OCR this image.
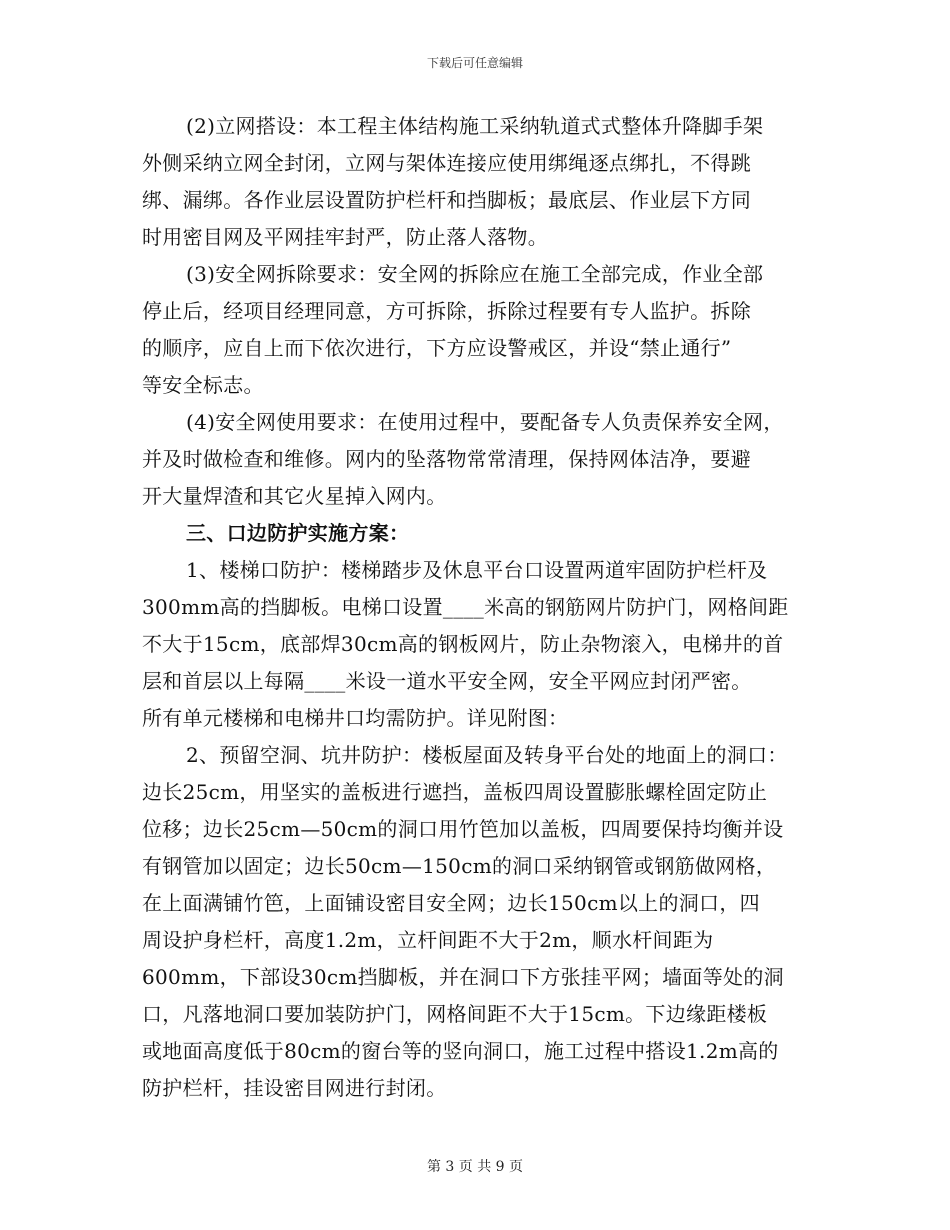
下载后可任意编辑
(2)立网搭设：本工程主体结构施工采纳轨道式式整体升降脚手架
外侧采纳立网全封闭，立网与架体连接应使用绑绳逐点绑扎，不得跳
绑、漏绑。各作业层设置防护栏杆和挡脚板；最底层、作业层下方同
时用密目网及平网挂牢封严，防止落人落物。
(3)安全网拆除要求：安全网的拆除应在施工全部完成，作业全部
停止后，经项目经理同意，方可拆除，拆除过程要有专人监护。拆除
的顺序，应自上而下依次进行，下方应设警戒区，并设“禁止通行”
等安全标志。
(4)安全网使用要求：在使用过程中，要配备专人负责保养安全网，
并及时做检查和维修。网内的坠落物常常清理，保持网体洁净，要避
开大量焊渣和其它火星掉入网内。
三、口边防护实施方案：
1、楼梯口防护：楼梯踏步及休息平台口设置两道牢固防护栏杆及
300mm高的挡脚板。电梯口设置____米高的钢筋网片防护门，网格间距
不大于15cm，底部焊30cm高的钢板网片，防止杂物滚入，电梯井的首
层和首层以上每隔____米设一道水平安全网，安全平网应封闭严密。
所有单元楼梯和电梯井口均需防护。详见附图：
2、预留空洞、坑井防护：楼板屋面及转身平台处的地面上的洞口：
边长25cm，用坚实的盖板进行遮挡，盖板四周设置膨胀螺栓固定防止
位移；边长25cm—50cm的洞口用竹笆加以盖板，四周要保持均衡并设
有钢管加以固定；边长50cm—150cm的洞口采纳钢管或钢筋做网格，
在上面满铺竹笆，上面铺设密目安全网；边长150cm以上的洞口，四
周设护身栏杆，高度1.2m，立杆间距不大于2m，顺水杆间距为
600mm，下部设30cm挡脚板，并在洞口下方张挂平网；墙面等处的洞
口，凡落地洞口要加装防护门，网格间距不大于15cm。下边缘距楼板
或地面高度低于80cm的窗台等的竖向洞口，施工过程中搭设1.2m高的
防护栏杆，挂设密目网进行封闭。
第 3 页 共 9 页
